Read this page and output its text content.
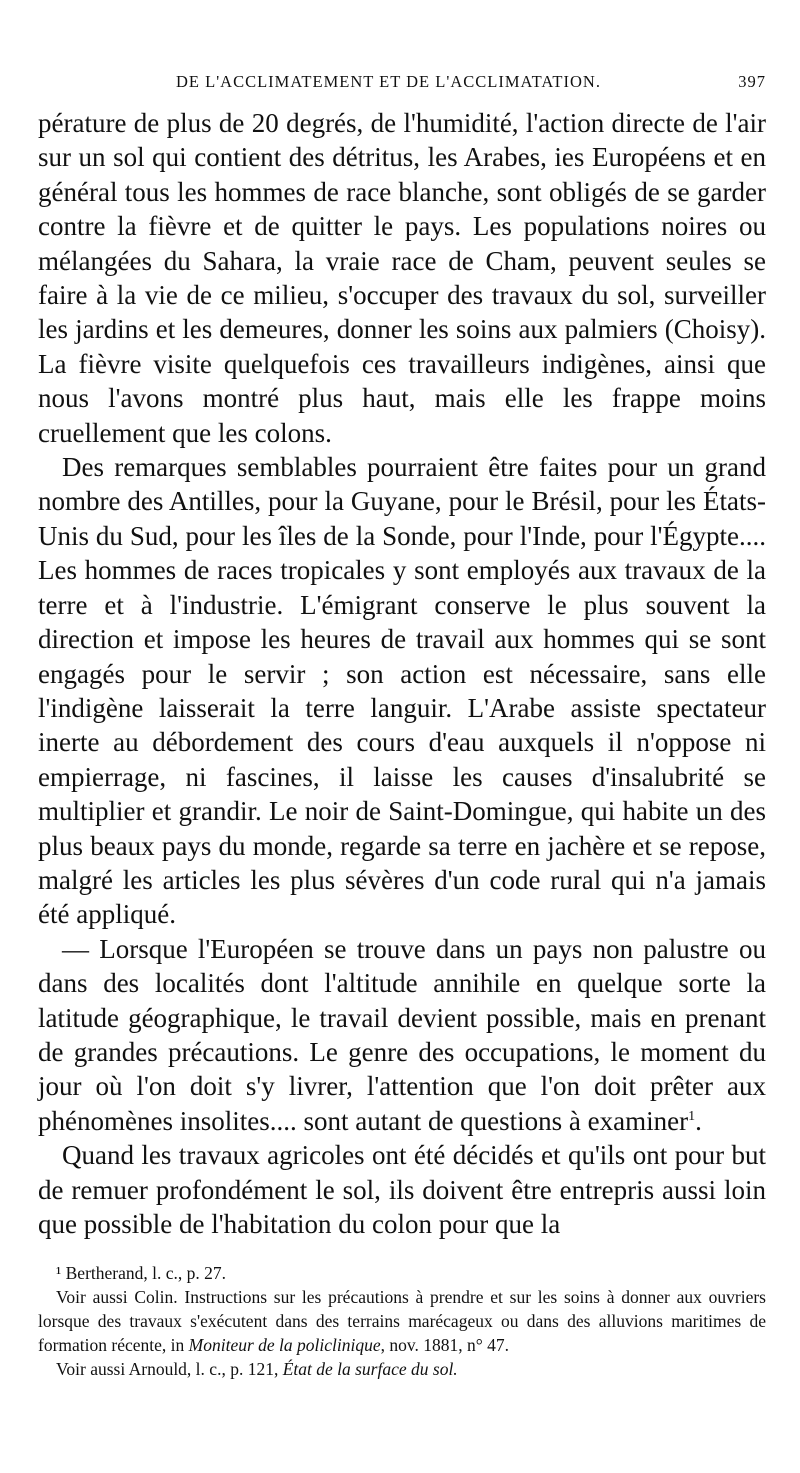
DE L'ACCLIMATEMENT ET DE L'ACCLIMATATION.	397

pérature de plus de 20 degrés, de l'humidité, l'action directe de l'air sur un sol qui contient des détritus, les Arabes, ies Européens et en général tous les hommes de race blanche, sont obligés de se garder contre la fièvre et de quitter le pays. Les populations noires ou mélangées du Sahara, la vraie race de Cham, peuvent seules se faire à la vie de ce milieu, s'occuper des travaux du sol, surveiller les jardins et les demeures, donner les soins aux palmiers (Choisy). La fièvre visite quelquefois ces travailleurs indigènes, ainsi que nous l'avons montré plus haut, mais elle les frappe moins cruellement que les colons.

Des remarques semblables pourraient être faites pour un grand nombre des Antilles, pour la Guyane, pour le Brésil, pour les États-Unis du Sud, pour les îles de la Sonde, pour l'Inde, pour l'Égypte.... Les hommes de races tropicales y sont employés aux travaux de la terre et à l'industrie. L'émigrant conserve le plus souvent la direction et impose les heures de travail aux hommes qui se sont engagés pour le servir ; son action est nécessaire, sans elle l'indigène laisserait la terre languir. L'Arabe assiste spectateur inerte au débordement des cours d'eau auxquels il n'oppose ni empierrage, ni fascines, il laisse les causes d'insalubrité se multiplier et grandir. Le noir de Saint-Domingue, qui habite un des plus beaux pays du monde, regarde sa terre en jachère et se repose, malgré les articles les plus sévères d'un code rural qui n'a jamais été appliqué.

— Lorsque l'Européen se trouve dans un pays non palustre ou dans des localités dont l'altitude annihile en quelque sorte la latitude géographique, le travail devient possible, mais en prenant de grandes précautions. Le genre des occupations, le moment du jour où l'on doit s'y livrer, l'attention que l'on doit prêter aux phénomènes insolites.... sont autant de questions à examiner$^1$.

Quand les travaux agricoles ont été décidés et qu'ils ont pour but de remuer profondément le sol, ils doivent être entrepris aussi loin que possible de l'habitation du colon pour que la

¹ Bertherand, l. c., p. 27.

Voir aussi Colin. Instructions sur les précautions à prendre et sur les soins à donner aux ouvriers lorsque des travaux s'exécutent dans des terrains marécageux ou dans des alluvions maritimes de formation récente, in Moniteur de la policlinique, nov. 1881, n° 47.

Voir aussi Arnould, l. c., p. 121, État de la surface du sol.
